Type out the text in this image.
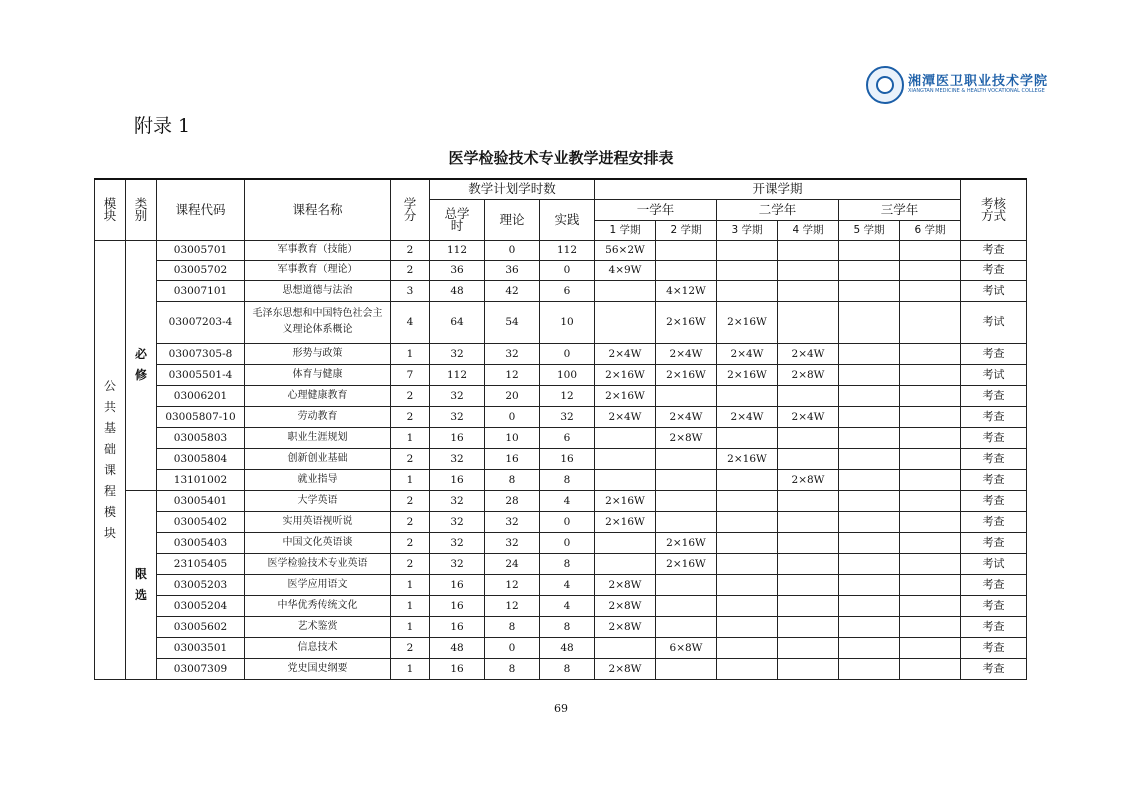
湘潭医卫职业技术学院
XIANGTAN MEDICINE & HEALTH VOCATIONAL COLLEGE
附录 1
医学检验技术专业教学进程安排表
模块	类别	课程代码	课程名称	学分	教学计划学时数			开课学期						考核方式
					总学时	理论	实践	一学年		二学年		三学年		
								1 学期	2 学期	3 学期	4 学期	5 学期	6 学期	
公共基础课程模块	必修	03005701	军事教育（技能）	2	112	0	112	56×2W						考查
		03005702	军事教育（理论）	2	36	36	0	4×9W						考查
		03007101	思想道德与法治	3	48	42	6		4×12W					考试
		03007203-4	毛泽东思想和中国特色社会主义理论体系概论	4	64	54	10		2×16W	2×16W				考试
		03007305-8	形势与政策	1	32	32	0	2×4W	2×4W	2×4W	2×4W			考查
		03005501-4	体育与健康	7	112	12	100	2×16W	2×16W	2×16W	2×8W			考试
		03006201	心理健康教育	2	32	20	12	2×16W						考查
		03005807-10	劳动教育	2	32	0	32	2×4W	2×4W	2×4W	2×4W			考查
		03005803	职业生涯规划	1	16	10	6		2×8W					考查
		03005804	创新创业基础	2	32	16	16			2×16W				考查
		13101002	就业指导	1	16	8	8				2×8W			考查
	限选	03005401	大学英语	2	32	28	4	2×16W						考查
		03005402	实用英语视听说	2	32	32	0	2×16W						考查
		03005403	中国文化英语谈	2	32	32	0		2×16W					考查
		23105405	医学检验技术专业英语	2	32	24	8		2×16W					考试
		03005203	医学应用语文	1	16	12	4	2×8W						考查
		03005204	中华优秀传统文化	1	16	12	4	2×8W						考查
		03005602	艺术鉴赏	1	16	8	8	2×8W						考查
		03003501	信息技术	2	48	0	48		6×8W					考查
		03007309	党史国史纲要	1	16	8	8	2×8W						考查
69
